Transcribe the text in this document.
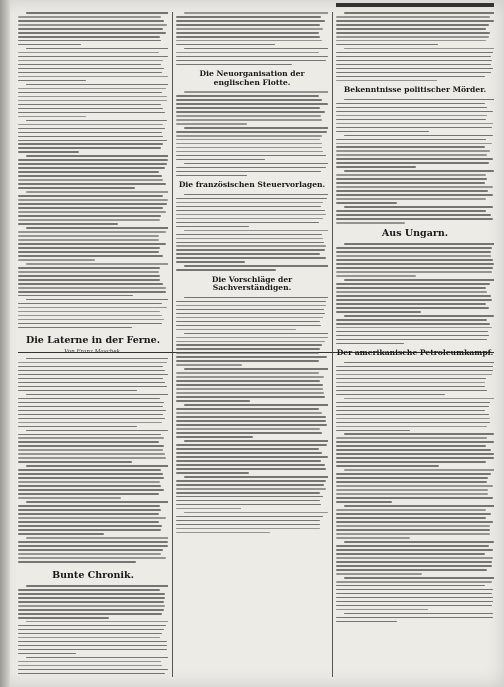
Die Laterne in der Ferne.
Von Franz Maschek.
Bunte Chronik.
Die Neuorganisation der englischen Flotte.
Die französischen Steuervorlagen.
Die Vorschläge der Sachverständigen.
Bekenntnisse politischer Mörder.
Aus Ungarn.
Der amerikanische Petroleumkampf.
